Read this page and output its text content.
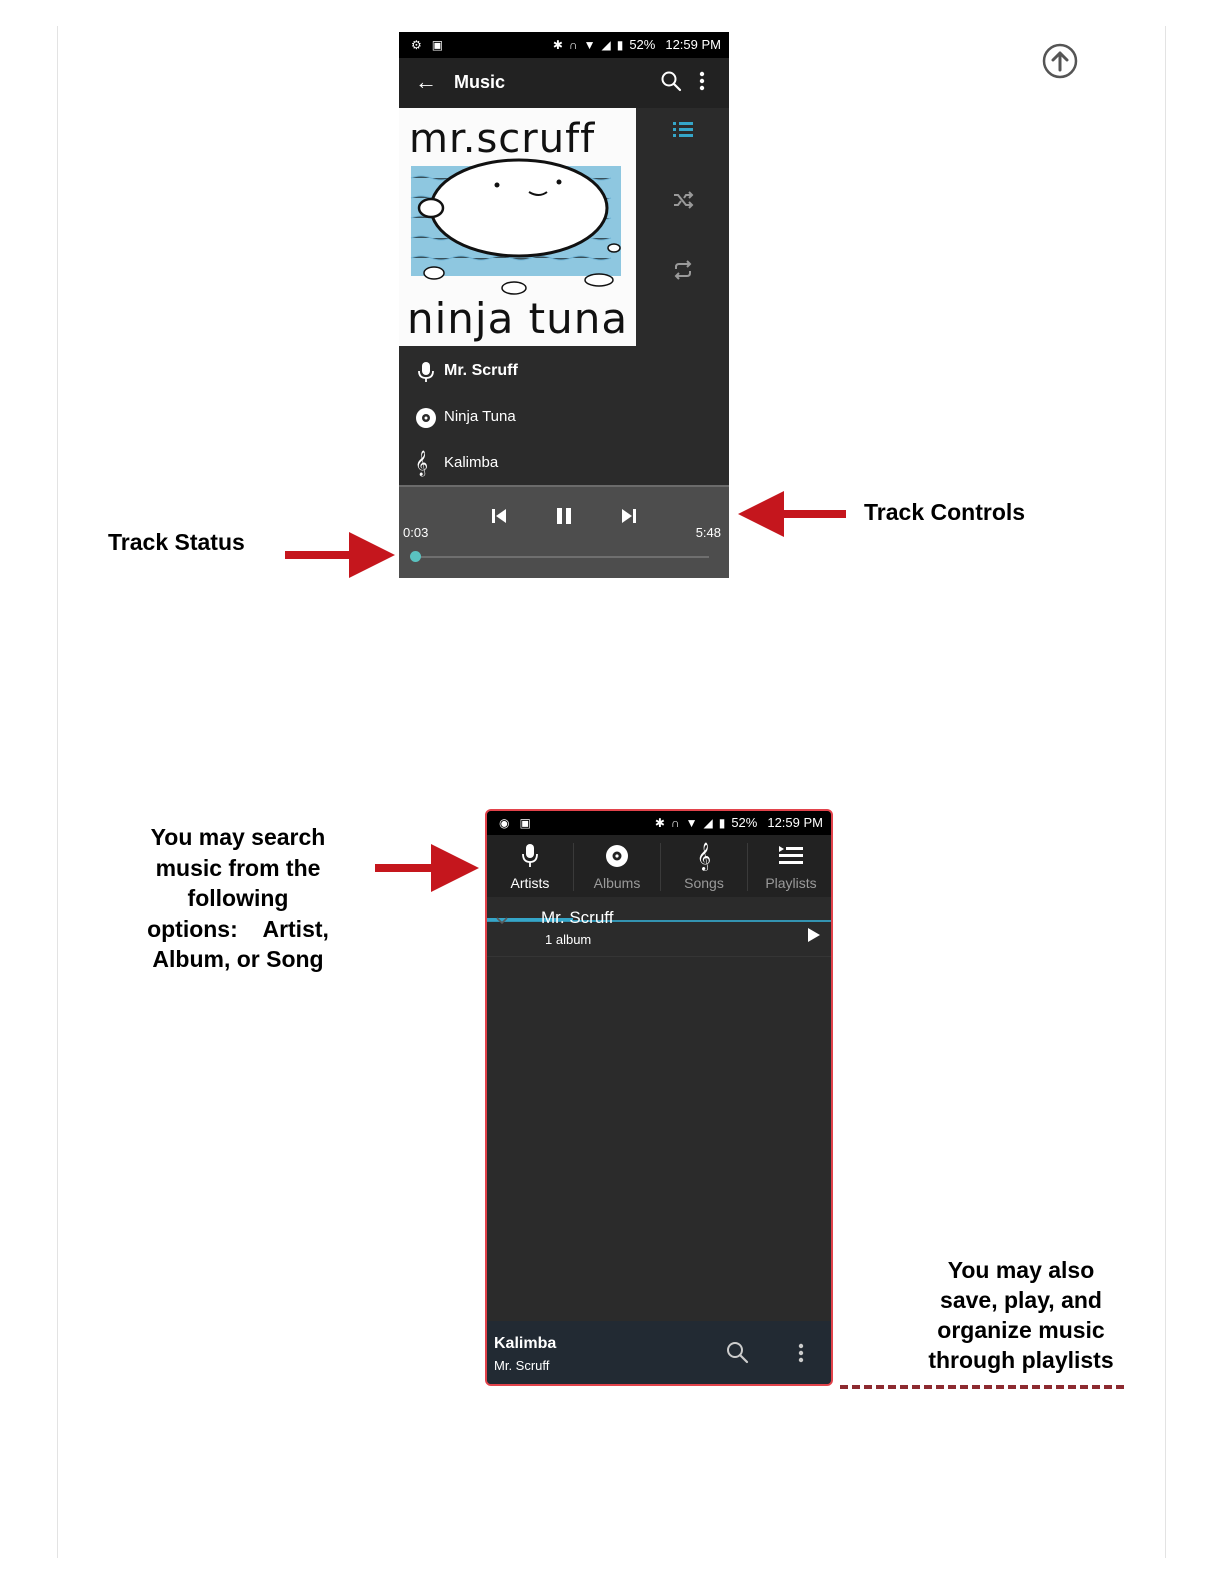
⚙ ▣	✱ ∩ ▼ ◢ ▮ 52% 12:59 PM
← Music
mr.scruff
ninja tuna
Mr. Scruff
Ninja Tuna
𝄞	Kalimba
0:03	5:48
Track Status
Track Controls
You may search
music from the
following
options:    Artist,
Album, or Song
◉ ▣	✱ ∩ ▼ ◢ ▮ 52% 12:59 PM
Artists	Albums
𝄞
Songs	Playlists
Mr. Scruff
1 album
Kalimba
Mr. Scruff
You may also
save, play, and
organize music
through playlists
